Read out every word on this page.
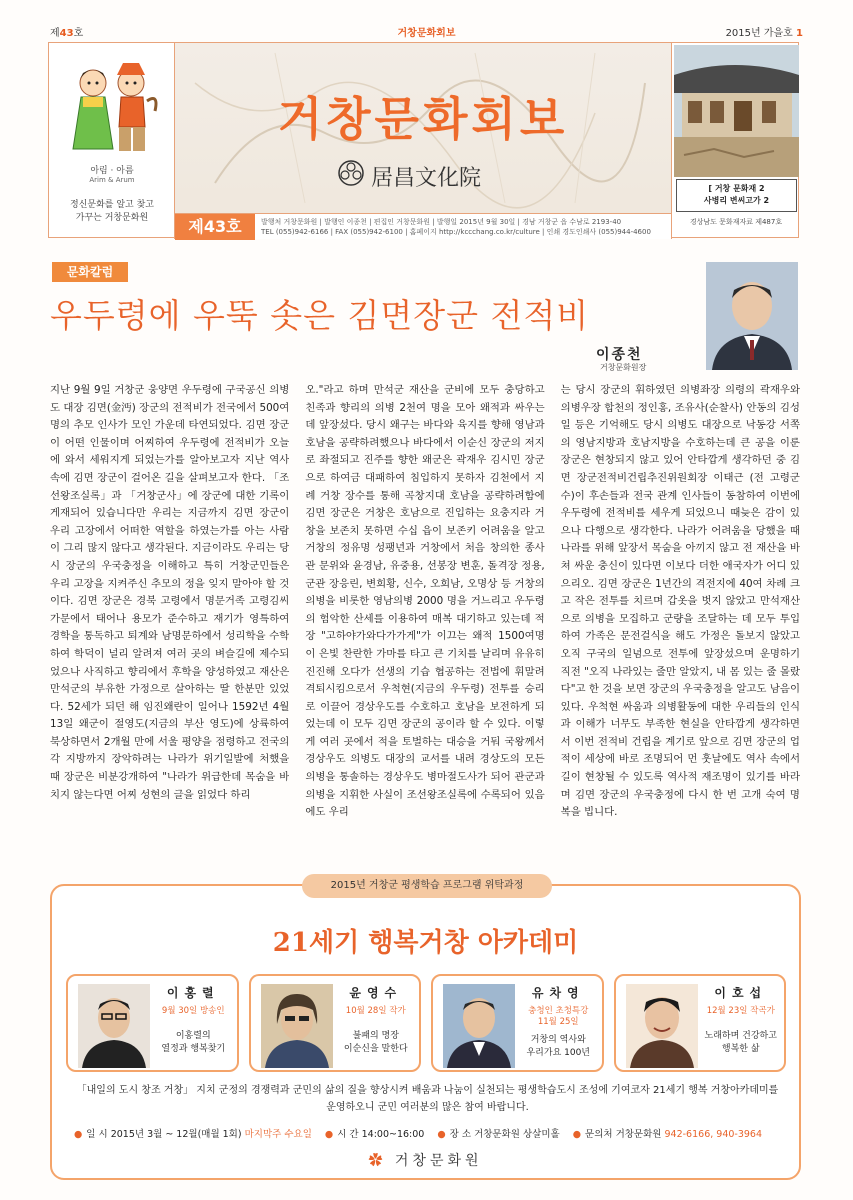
제43호	거창문화회보	2015년 가을호 1
아림 · 아름
Arim & Arum
정신문화를 알고 찾고
가꾸는 거창문화원
거창문화회보
居昌文化院
제43호	발행처 거창문화원 | 발행인 이종천 | 편집인 거창문화원 | 발행일 2015년 9월 30일 | 경남 거창군 읍 수남로 2193-40
TEL (055)942-6166 | FAX (055)942-6100 | 홈페이지 http://kccchang.co.kr/culture | 인쇄 경도인쇄사 (055)944-4600
[ 거창 문화재 2
사병리 변씨고가 2
경상남도 문화재자료 제487호
문화칼럼
우두령에 우뚝 솟은 김면장군 전적비
이종천
거창문화원장
지난 9월 9일 거창군 웅양면 우두령에 구국공신 의병도 대장 김면(金沔) 장군의 전적비가 전국에서 500여 명의 추모 인사가 모인 가운데 타연되었다. 김면 장군이 어떤 인물이며 어찌하여 우두령에 전적비가 오늘에 와서 세워지게 되었는가를 알아보고자 지난 역사 속에 김면 장군이 걸어온 길을 살펴보고자 한다. 「조선왕조실록」과 「거창군사」에 장군에 대한 기록이 게재되어 있습니다만 우리는 지금까지 김면 장군이 우리 고장에서 어떠한 역할을 하였는가를 아는 사람이 그리 많지 않다고 생각된다. 지금이라도 우리는 당시 장군의 우국충정을 이해하고 특히 거창군민들은 우리 고장을 지켜주신 추모의 정을 잊지 말아야 할 것이다. 김면 장군은 경북 고령에서 명문거족 고령김씨 가문에서 태어나 용모가 준수하고 재기가 영특하여 경학을 통독하고 퇴계와 남명문하에서 성리학을 수학하여 학덕이 널리 알려져 여러 곳의 벼슬길에 제수되었으나 사직하고 향리에서 후학을 양성하였고 재산은 만석군의 부유한 가정으로 살아하는 딸 한분만 있었다. 52세가 되던 해 임진왜란이 일어나 1592년 4월 13일 왜군이 절영도(지금의 부산 영도)에 상륙하여 북상하면서 2개월 만에 서울 평양을 점령하고 전국의 각 지방까지 장악하려는 나라가 위기일발에 처했을 때 장군은 비분강개하여 "나라가 위급한데 목숨을 바치지 않는다면 어찌 성현의 글을 읽었다 하리
오."라고 하며 만석군 재산을 군비에 모두 충당하고 친족과 향리의 의병 2천여 명을 모아 왜적과 싸우는 데 앞장섰다. 당시 왜구는 바다와 육지를 향해 영남과 호남을 공략하려했으나 바다에서 이순신 장군의 저지로 좌절되고 진주를 향한 왜군은 곽재우 김시민 장군으로 하여금 대패하여 침입하지 못하자 김천에서 지례 거창 장수를 통해 곡창지대 호남을 공략하려함에 김면 장군은 거창은 호남으로 진입하는 요충지라 거창을 보존치 못하면 수십 읍이 보존키 어려움을 알고 거창의 정유명 성팽년과 거창에서 처음 창의한 종사관 문위와 윤경남, 유중용, 선봉장 변훈, 돌격장 정용, 군관 장응린, 변희황, 신수, 오희남, 오명상 등 거창의 의병을 비롯한 영남의병 2000 명을 거느리고 우두령의 험악한 산세를 이용하여 매복 대기하고 있는데 적장 "고하야가와다가가게"가 이끄는 왜적 1500여명이 은빛 찬란한 가마를 타고 큰 기치를 날리며 유유히 진진해 오다가 선생의 기습 협공하는 전법에 휘말려 격퇴시킴으로서 우척현(지금의 우두령) 전투를 승리로 이끌어 경상우도를 수호하고 호남을 보전하게 되었는데 이 모두 김면 장군의 공이라 할 수 있다. 이렇게 여러 곳에서 적을 토벌하는 대승을 거둬 국왕께서 경상우도 의병도 대장의 교서를 내려 경상도의 모든 의병을 통솔하는 경상우도 병마절도사가 되어 관군과 의병을 지휘한 사실이 조선왕조실록에 수록되어 있음에도 우리
는 당시 장군의 휘하였던 의병좌장 의령의 곽재우와 의병우장 합천의 정인홍, 조유사(순찰사) 안동의 김성일 등은 기억해도 당시 의병도 대장으로 낙동강 서쪽의 영남지방과 호남지방을 수호하는데 큰 공을 이룬 장군은 현창되지 않고 있어 안타깝게 생각하던 중 김면 장군전적비건립추진위원회장 이태근 (전 고령군수)이 후손들과 전국 관계 인사들이 동참하여 이번에 우두령에 전적비를 세우게 되었으니 때늦은 감이 있으나 다행으로 생각한다. 나라가 어려움을 당했을 때 나라를 위해 앞장서 목숨을 아끼지 않고 전 재산을 바쳐 싸운 충신이 있다면 이보다 더한 애국자가 어디 있으리오. 김면 장군은 1년간의 격전지에 40여 차례 크고 작은 전투를 치르며 갑옷을 벗지 않았고 만석재산으로 의병을 모집하고 군량을 조달하는 데 모두 투입하여 가족은 문전걸식을 해도 가정은 돌보지 않았고 오직 구국의 일념으로 전투에 앞장섰으며 운명하기 직전 "오직 나라있는 줄만 알았지, 내 몸 있는 줄 몰랐다"고 한 것을 보면 장군의 우국충정을 알고도 남음이 있다. 우척현 싸움과 의병활동에 대한 우리들의 인식과 이해가 너무도 부족한 현실을 안타깝게 생각하면서 이번 전적비 건립을 계기로 앞으로 김면 장군의 업적이 세상에 바로 조명되어 먼 훗날에도 역사 속에서 길이 현창될 수 있도록 역사적 재조명이 있기를 바라며 김면 장군의 우국충정에 다시 한 번 고개 숙여 명복을 빕니다.
2015년 거창군 평생학습 프로그램 위탁과정
21세기 행복거창 아카데미
이홍렬
9월 30일 방송인
이홍렬의
열정과 행복찾기
윤영수
10월 28일 작가
불패의 명장
이순신을 말한다
유차영
충청인 초청특강
11월 25일
거창의 역사와
우리가요 100년
이호섭
12월 23일 작곡가
노래하며 건강하고
행복한 삶
「내일의 도시 창조 거창」 지치 군정의 경쟁력과 군민의 삶의 질을 향상시켜 배움과 나눔이 실천되는 평생학습도시 조성에 기여코자 21세기 행복 거창아카데미를
운영하오니 군민 여러분의 많은 참여 바랍니다.
● 일 시 2015년 3월 ~ 12월(매월 1회) 마지막주 수요일 ● 시 간 14:00~16:00 ● 장 소 거창문화원 상살미홀 ● 문의처 거창문화원 942-6166, 940-3964
✿ 거창문화원
